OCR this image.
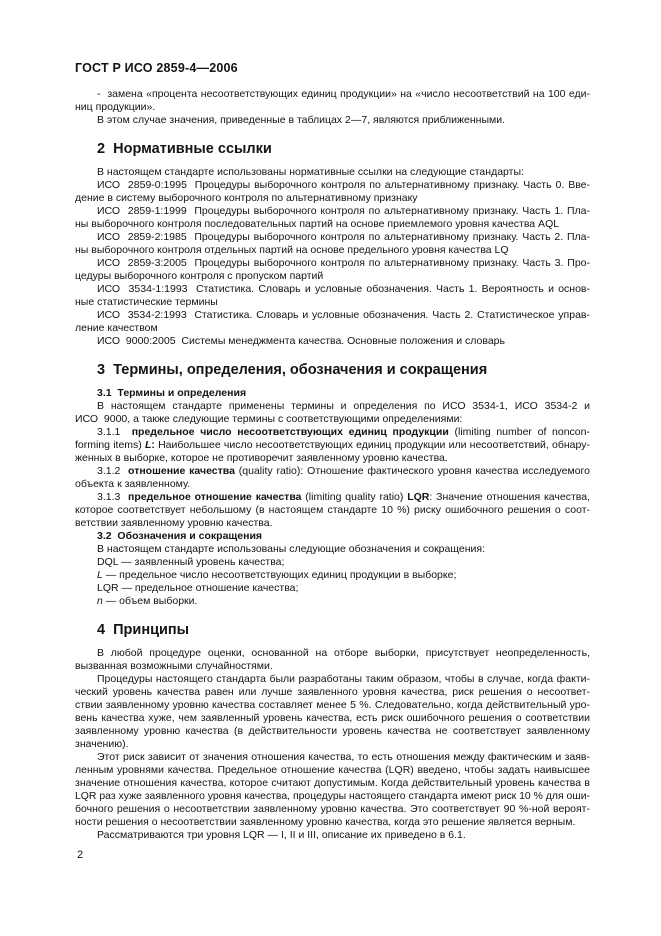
ГОСТ Р ИСО 2859-4—2006
-  замена «процента несоответствующих единиц продукции» на «число несоответствий на 100 еди-
ниц продукции».
В этом случае значения, приведенные в таблицах 2—7, являются приближенными.
2  Нормативные ссылки
В настоящем стандарте использованы нормативные ссылки на следующие стандарты:
ИСО  2859-0:1995  Процедуры выборочного контроля по альтернативному признаку. Часть 0. Вве-
дение в систему выборочного контроля по альтернативному признаку
ИСО  2859-1:1999  Процедуры выборочного контроля по альтернативному признаку. Часть 1. Пла-
ны выборочного контроля последовательных партий на основе приемлемого уровня качества AQL
ИСО  2859-2:1985  Процедуры выборочного контроля по альтернативному признаку. Часть 2. Пла-
ны выборочного контроля отдельных партий на основе предельного уровня качества LQ
ИСО  2859-3:2005  Процедуры выборочного контроля по альтернативному признаку. Часть 3. Про-
цедуры выборочного контроля с пропуском партий
ИСО  3534-1:1993  Статистика. Словарь и условные обозначения. Часть 1. Вероятность и основ-
ные статистические термины
ИСО  3534-2:1993  Статистика. Словарь и условные обозначения. Часть 2. Статистическое управ-
ление качеством
ИСО  9000:2005  Системы менеджмента качества. Основные положения и словарь
3  Термины, определения, обозначения и сокращения
3.1  Термины и определения
В настоящем стандарте применены термины и определения по ИСО 3534-1, ИСО 3534-2 и
ИСО  9000, а также следующие термины с соответствующими определениями:
3.1.1  предельное число несоответствующих единиц продукции (limiting number of noncon-
forming items) L: Наибольшее число несоответствующих единиц продукции или несоответствий, обнару-
женных в выборке, которое не противоречит заявленному уровню качества.
3.1.2  отношение качества (quality ratio): Отношение фактического уровня качества исследуемого
объекта к заявленному.
3.1.3  предельное отношение качества (limiting quality ratio) LQR: Значение отношения качества,
которое соответствует небольшому (в настоящем стандарте 10 %) риску ошибочного решения о соот-
ветствии заявленному уровню качества.
3.2  Обозначения и сокращения
В настоящем стандарте использованы следующие обозначения и сокращения:
DQL — заявленный уровень качества;
L — предельное число несоответствующих единиц продукции в выборке;
LQR — предельное отношение качества;
n — объем выборки.
4  Принципы
В любой процедуре оценки, основанной на отборе выборки, присутствует неопределенность,
вызванная возможными случайностями.
Процедуры настоящего стандарта были разработаны таким образом, чтобы в случае, когда факти-
ческий уровень качества равен или лучше заявленного уровня качества, риск решения о несоответ-
ствии заявленному уровню качества составляет менее 5 %. Следовательно, когда действительный уро-
вень качества хуже, чем заявленный уровень качества, есть риск ошибочного решения о соответствии
заявленному уровню качества (в действительности уровень качества не соответствует заявленному
значению).
Этот риск зависит от значения отношения качества, то есть отношения между фактическим и заяв-
ленным уровнями качества. Предельное отношение качества (LQR) введено, чтобы задать наивысшее
значение отношения качества, которое считают допустимым. Когда действительный уровень качества в
LQR раз хуже заявленного уровня качества, процедуры настоящего стандарта имеют риск 10 % для оши-
бочного решения о несоответствии заявленному уровню качества. Это соответствует 90 %-ной вероят-
ности решения о несоответствии заявленному уровню качества, когда это решение является верным.
Рассматриваются три уровня LQR — I, II и III, описание их приведено в 6.1.
2
